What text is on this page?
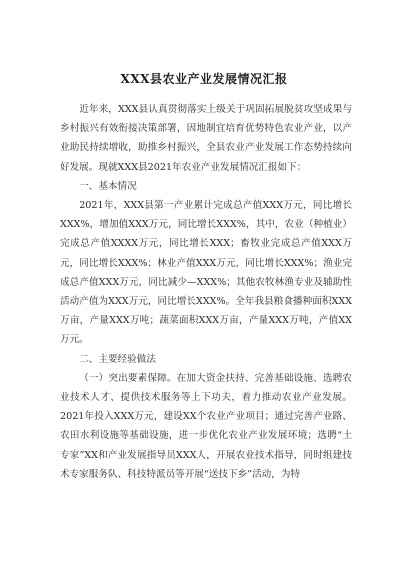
XXX县农业产业发展情况汇报

近年来，XXX县认真贯彻落实上级关于巩固拓展脱贫攻坚成果与乡村振兴有效衔接决策部署，因地制宜培育优势特色农业产业，以产业助民持续增收，助推乡村振兴，全县农业产业发展工作态势持续向好发展。现就XXX县2021年农业产业发展情况汇报如下：

一、基本情况

2021年，XXX县第一产业累计完成总产值XXX万元，同比增长XXX%，增加值XXX万元，同比增长XXX%，其中，农业（种植业）完成总产值XXXX万元，同比增长XXX；畜牧业完成总产值XXX万元，同比增长XXX%；林业产值XXX万元，同比增长XXX%；渔业完成总产值XXX万元，同比减少—XXX%；其他农牧林渔专业及辅助性活动产值为XXX万元，同比增长XXX%。全年我县粮食播种面积XXX万亩，产量XXX万吨；蔬菜面积XXX万亩，产量XXX万吨，产值XX万元。

二、主要经验做法

（一）突出要素保障。在加大资金扶持、完善基础设施、选聘农业技术人才、提供技术服务等上下功夫，着力推动农业产业发展。2021年投入XXX万元，建设XX个农业产业项目；通过完善产业路、农田水利设施等基础设施，进一步优化农业产业发展环境；选聘“土专家”XX和产业发展指导员XXX人，开展农业技术指导，同时组建技术专家服务队、科技特派员等开展“送技下乡”活动，为特
